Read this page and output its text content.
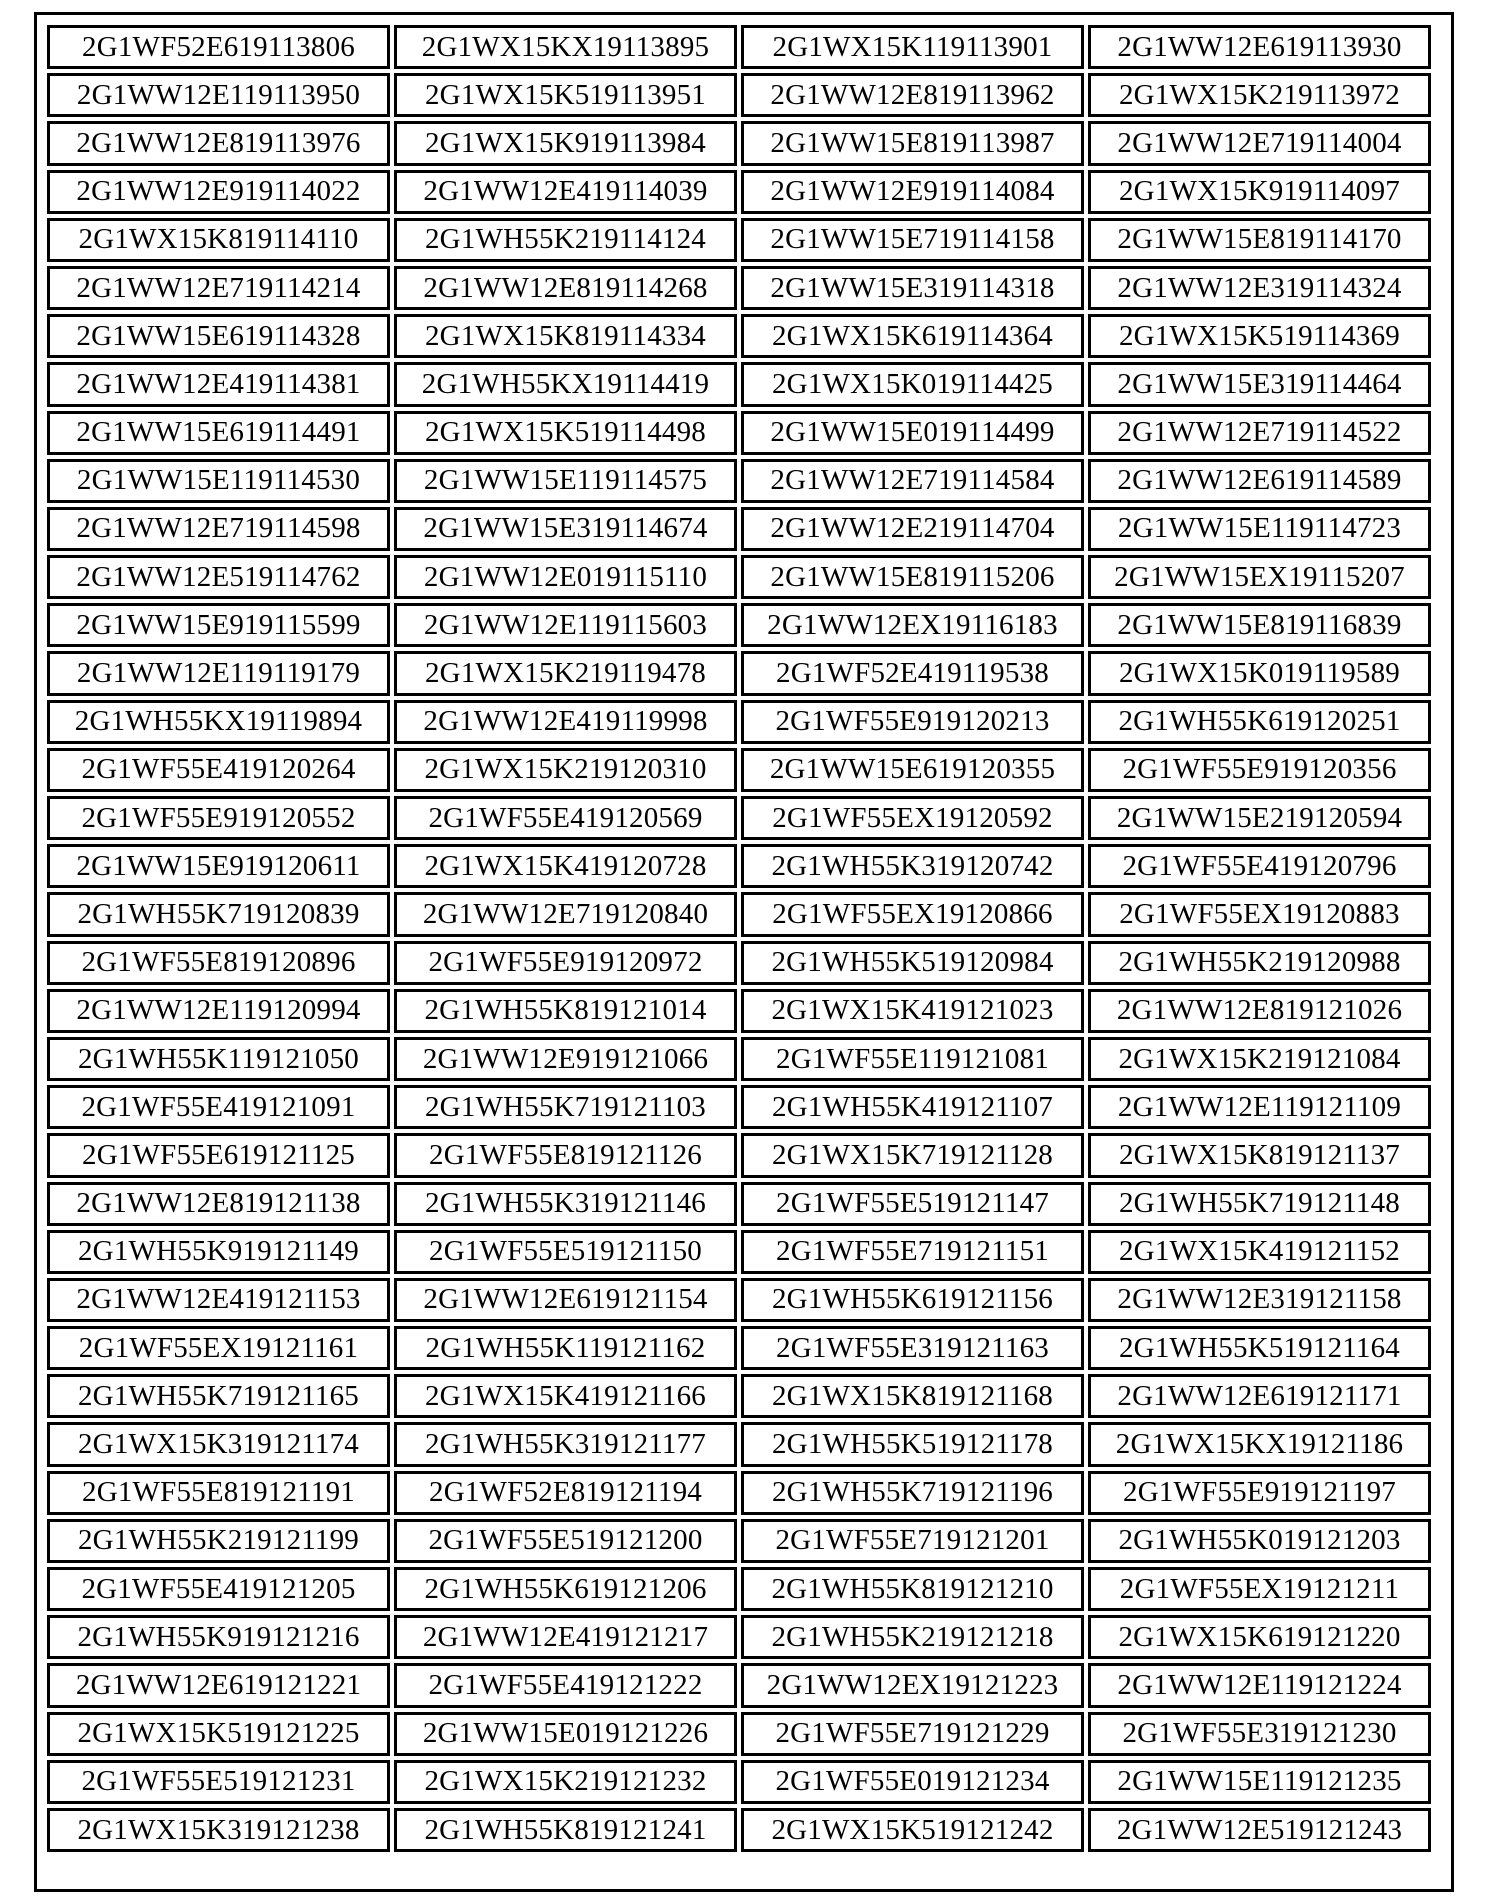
2G1WF52E619113806	2G1WX15KX19113895	2G1WX15K119113901	2G1WW12E619113930
2G1WW12E119113950	2G1WX15K519113951	2G1WW12E819113962	2G1WX15K219113972
2G1WW12E819113976	2G1WX15K919113984	2G1WW15E819113987	2G1WW12E719114004
2G1WW12E919114022	2G1WW12E419114039	2G1WW12E919114084	2G1WX15K919114097
2G1WX15K819114110	2G1WH55K219114124	2G1WW15E719114158	2G1WW15E819114170
2G1WW12E719114214	2G1WW12E819114268	2G1WW15E319114318	2G1WW12E319114324
2G1WW15E619114328	2G1WX15K819114334	2G1WX15K619114364	2G1WX15K519114369
2G1WW12E419114381	2G1WH55KX19114419	2G1WX15K019114425	2G1WW15E319114464
2G1WW15E619114491	2G1WX15K519114498	2G1WW15E019114499	2G1WW12E719114522
2G1WW15E119114530	2G1WW15E119114575	2G1WW12E719114584	2G1WW12E619114589
2G1WW12E719114598	2G1WW15E319114674	2G1WW12E219114704	2G1WW15E119114723
2G1WW12E519114762	2G1WW12E019115110	2G1WW15E819115206	2G1WW15EX19115207
2G1WW15E919115599	2G1WW12E119115603	2G1WW12EX19116183	2G1WW15E819116839
2G1WW12E119119179	2G1WX15K219119478	2G1WF52E419119538	2G1WX15K019119589
2G1WH55KX19119894	2G1WW12E419119998	2G1WF55E919120213	2G1WH55K619120251
2G1WF55E419120264	2G1WX15K219120310	2G1WW15E619120355	2G1WF55E919120356
2G1WF55E919120552	2G1WF55E419120569	2G1WF55EX19120592	2G1WW15E219120594
2G1WW15E919120611	2G1WX15K419120728	2G1WH55K319120742	2G1WF55E419120796
2G1WH55K719120839	2G1WW12E719120840	2G1WF55EX19120866	2G1WF55EX19120883
2G1WF55E819120896	2G1WF55E919120972	2G1WH55K519120984	2G1WH55K219120988
2G1WW12E119120994	2G1WH55K819121014	2G1WX15K419121023	2G1WW12E819121026
2G1WH55K119121050	2G1WW12E919121066	2G1WF55E119121081	2G1WX15K219121084
2G1WF55E419121091	2G1WH55K719121103	2G1WH55K419121107	2G1WW12E119121109
2G1WF55E619121125	2G1WF55E819121126	2G1WX15K719121128	2G1WX15K819121137
2G1WW12E819121138	2G1WH55K319121146	2G1WF55E519121147	2G1WH55K719121148
2G1WH55K919121149	2G1WF55E519121150	2G1WF55E719121151	2G1WX15K419121152
2G1WW12E419121153	2G1WW12E619121154	2G1WH55K619121156	2G1WW12E319121158
2G1WF55EX19121161	2G1WH55K119121162	2G1WF55E319121163	2G1WH55K519121164
2G1WH55K719121165	2G1WX15K419121166	2G1WX15K819121168	2G1WW12E619121171
2G1WX15K319121174	2G1WH55K319121177	2G1WH55K519121178	2G1WX15KX19121186
2G1WF55E819121191	2G1WF52E819121194	2G1WH55K719121196	2G1WF55E919121197
2G1WH55K219121199	2G1WF55E519121200	2G1WF55E719121201	2G1WH55K019121203
2G1WF55E419121205	2G1WH55K619121206	2G1WH55K819121210	2G1WF55EX19121211
2G1WH55K919121216	2G1WW12E419121217	2G1WH55K219121218	2G1WX15K619121220
2G1WW12E619121221	2G1WF55E419121222	2G1WW12EX19121223	2G1WW12E119121224
2G1WX15K519121225	2G1WW15E019121226	2G1WF55E719121229	2G1WF55E319121230
2G1WF55E519121231	2G1WX15K219121232	2G1WF55E019121234	2G1WW15E119121235
2G1WX15K319121238	2G1WH55K819121241	2G1WX15K519121242	2G1WW12E519121243
